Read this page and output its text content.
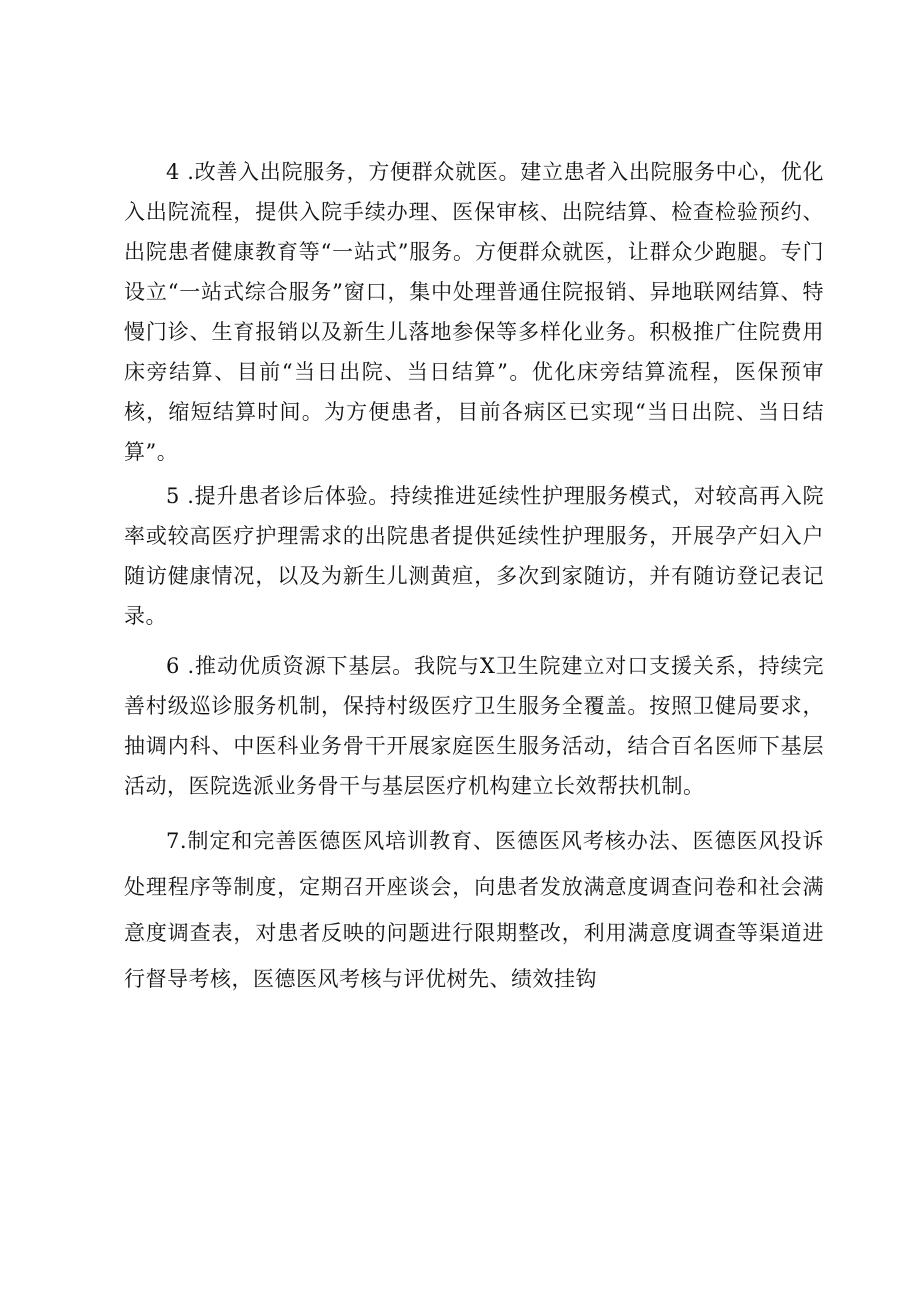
4 .改善入出院服务，方便群众就医。建立患者入出院服务中心，优化入出院流程，提供入院手续办理、医保审核、出院结算、检查检验预约、出院患者健康教育等“一站式”服务。方便群众就医，让群众少跑腿。专门设立“一站式综合服务”窗口，集中处理普通住院报销、异地联网结算、特慢门诊、生育报销以及新生儿落地参保等多样化业务。积极推广住院费用床旁结算、目前“当日出院、当日结算”。优化床旁结算流程，医保预审核，缩短结算时间。为方便患者，目前各病区已实现“当日出院、当日结算”。

5 .提升患者诊后体验。持续推进延续性护理服务模式，对较高再入院率或较高医疗护理需求的出院患者提供延续性护理服务，开展孕产妇入户随访健康情况，以及为新生儿测黄疸，多次到家随访，并有随访登记表记录。

6 .推动优质资源下基层。我院与X卫生院建立对口支援关系，持续完善村级巡诊服务机制，保持村级医疗卫生服务全覆盖。按照卫健局要求，抽调内科、中医科业务骨干开展家庭医生服务活动，结合百名医师下基层活动，医院选派业务骨干与基层医疗机构建立长效帮扶机制。

7.制定和完善医德医风培训教育、医德医风考核办法、医德医风投诉处理程序等制度，定期召开座谈会，向患者发放满意度调查问卷和社会满意度调查表，对患者反映的问题进行限期整改，利用满意度调查等渠道进行督导考核，医德医风考核与评优树先、绩效挂钩
